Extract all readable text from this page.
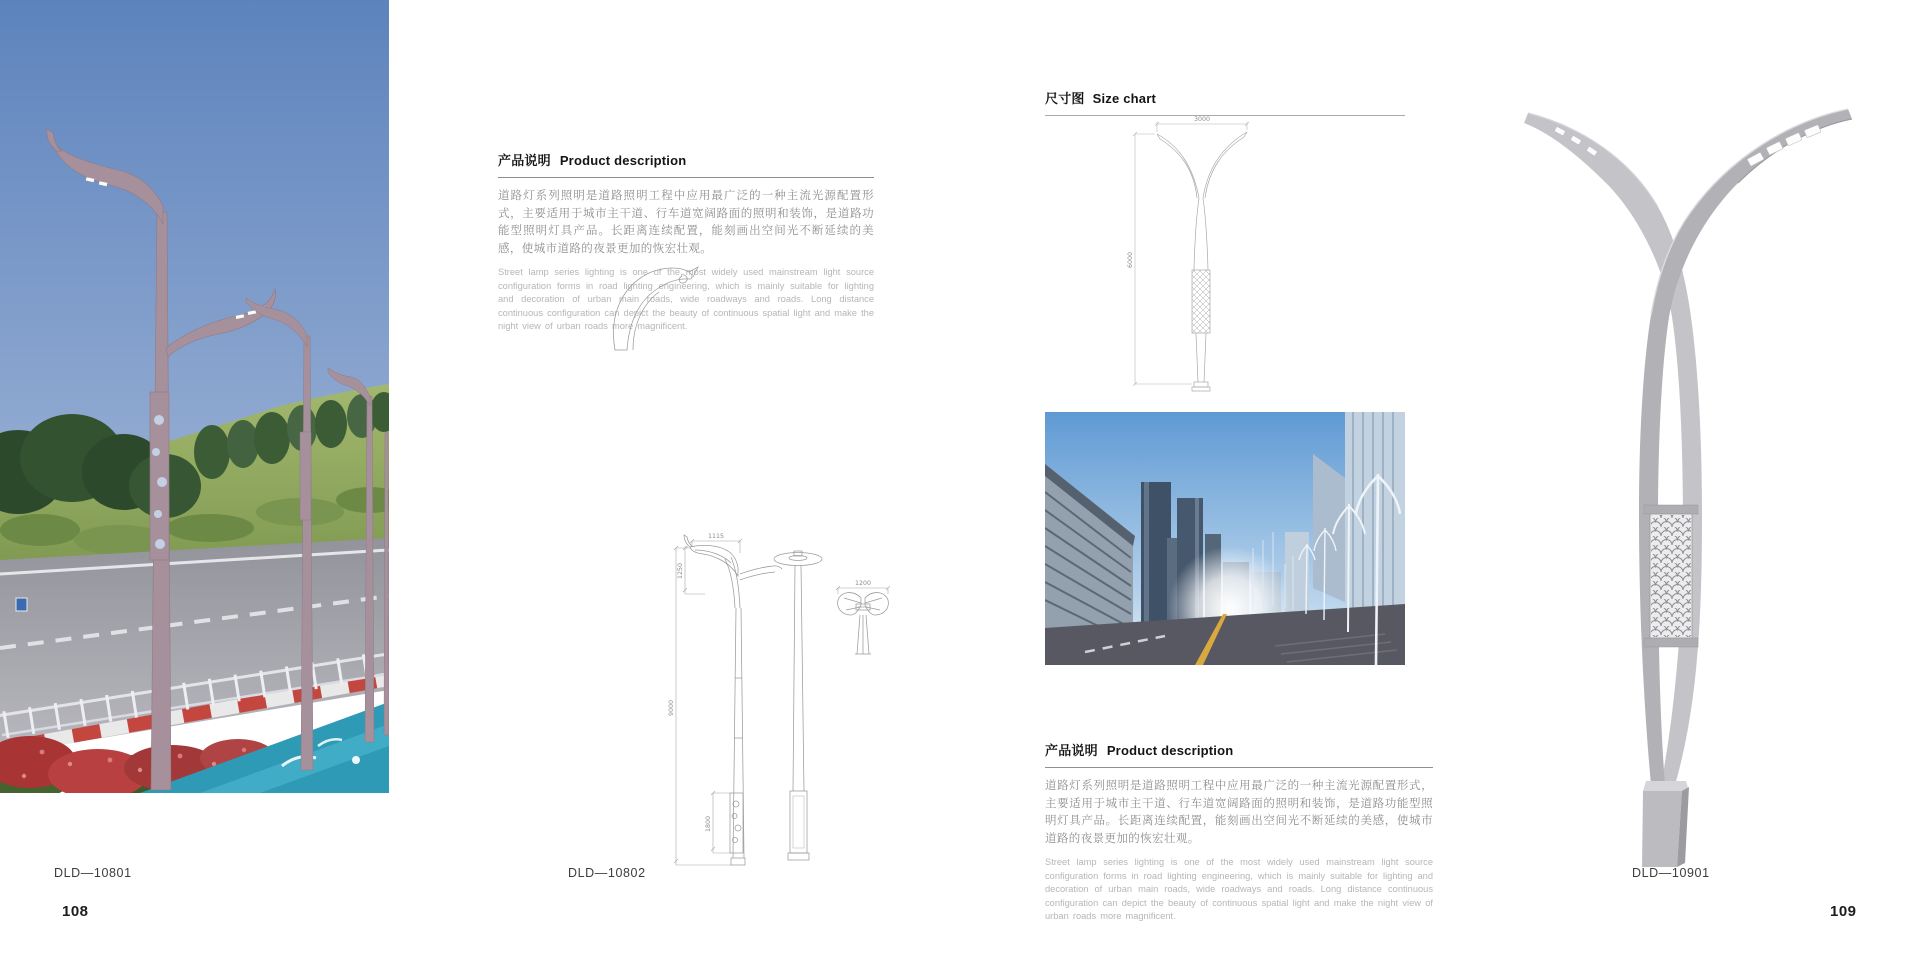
DLD—10801
108
产品说明 Product description

道路灯系列照明是道路照明工程中应用最广泛的一种主流光源配置形式，主要适用于城市主干道、行车道宽阔路面的照明和装饰，是道路功能型照明灯具产品。长距离连续配置，能刻画出空间光不断延续的美感，使城市道路的夜景更加的恢宏壮观。

Street lamp series lighting is one of the most widely used mainstream light source configuration forms in road lighting engineering, which is mainly suitable for lighting and decoration of urban main roads, wide roadways and roads. Long distance continuous configuration can depict the beauty of continuous spatial light and make the night view of urban roads more magnificent.

1115
1250
9000
1800
1200
DLD—10802
尺寸图 Size chart
3000
6000
产品说明 Product description

道路灯系列照明是道路照明工程中应用最广泛的一种主流光源配置形式，主要适用于城市主干道、行车道宽阔路面的照明和装饰，是道路功能型照明灯具产品。长距离连续配置，能刻画出空间光不断延续的美感，使城市道路的夜景更加的恢宏壮观。

Street lamp series lighting is one of the most widely used mainstream light source configuration forms in road lighting engineering, which is mainly suitable for lighting and decoration of urban main roads, wide roadways and roads. Long distance continuous configuration can depict the beauty of continuous spatial light and make the night view of urban roads more magnificent.

DLD—10901
109
